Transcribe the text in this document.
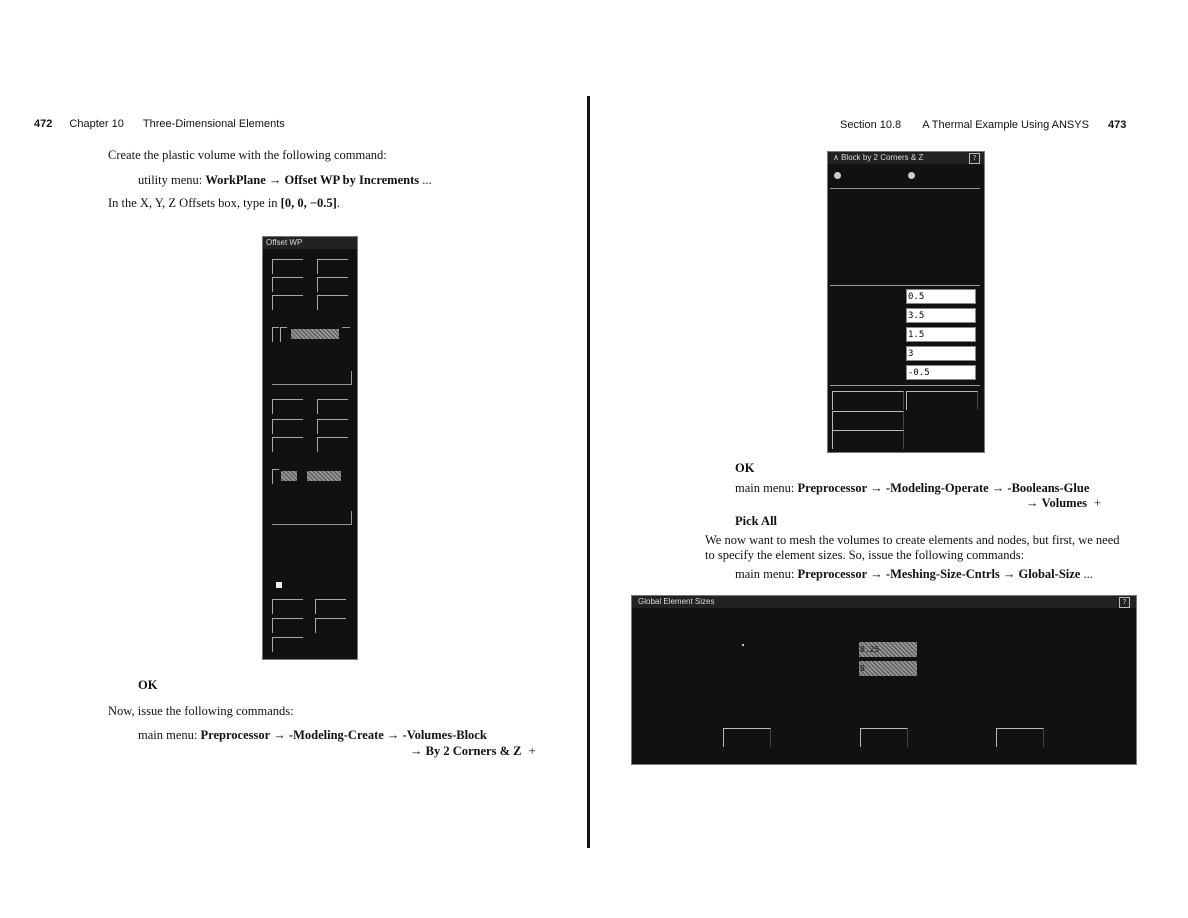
472 Chapter 10 Three-Dimensional Elements
Create the plastic volume with the following command:
utility menu: WorkPlane → Offset WP by Increments ...
In the X, Y, Z Offsets box, type in [0, 0, −0.5].
Offset WP
OK
Now, issue the following commands:
main menu: Preprocessor → -Modeling-Create → -Volumes-Block
→ By 2 Corners & Z +
Section 10.8 A Thermal Example Using ANSYS 473
∧ Block by 2 Corners & Z	?
0.5
3.5
1.5
3
-0.5
OK
main menu: Preprocessor → -Modeling-Operate → -Booleans-Glue
→ Volumes +
Pick All
We now want to mesh the volumes to create elements and nodes, but first, we need
to specify the element sizes. So, issue the following commands:
main menu: Preprocessor → -Meshing-Size-Cntrls → Global-Size ...
Global Element Sizes	?
0.25
0
